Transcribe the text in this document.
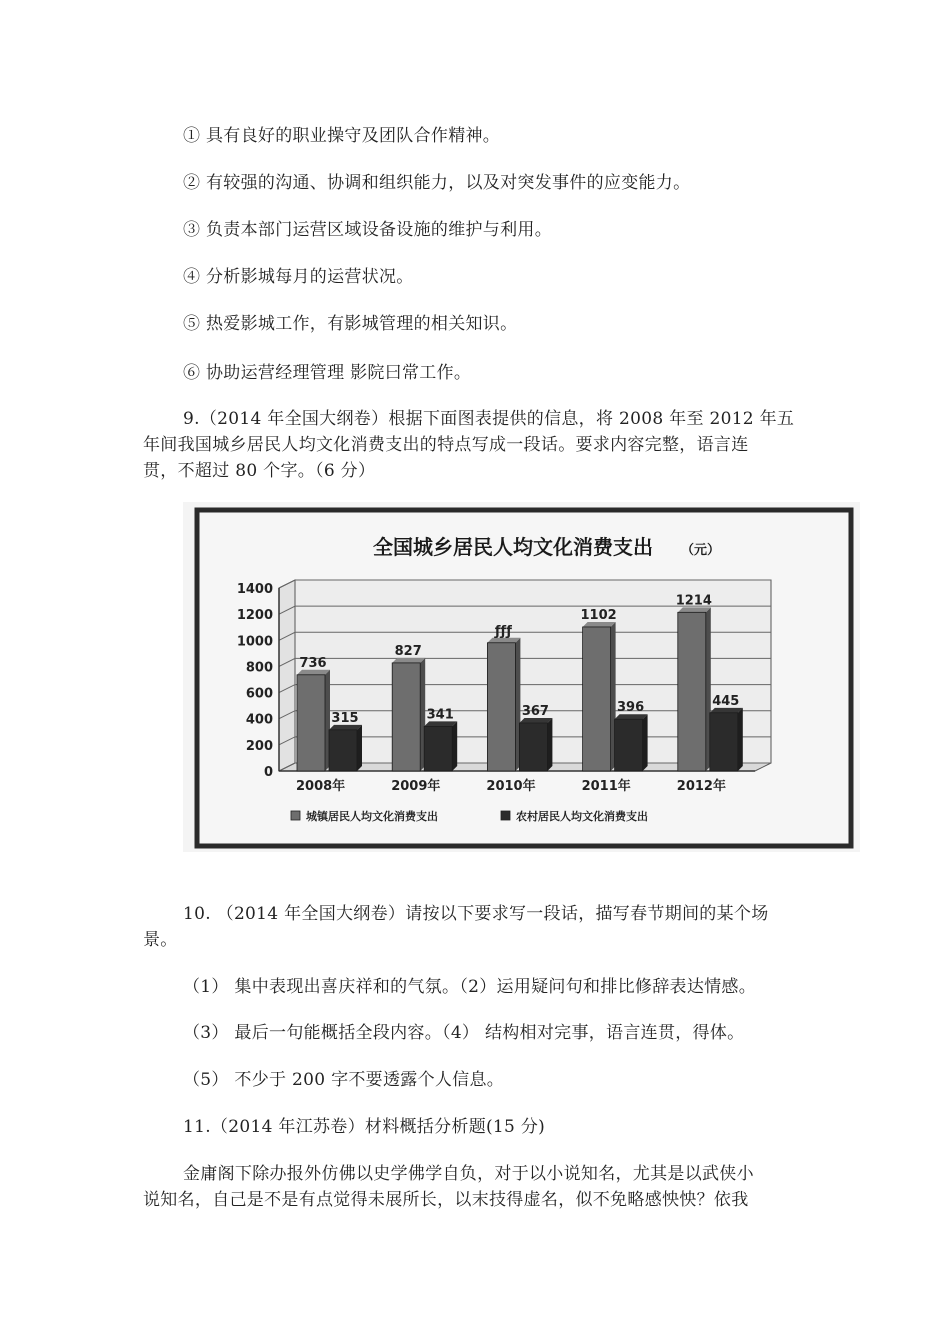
① 具有良好的职业操守及团队合作精神。
② 有较强的沟通、协调和组织能力，以及对突发事件的应变能力。
③ 负责本部门运营区域设备设施的维护与利用。
④ 分析影城每月的运营状况。
⑤ 热爱影城工作，有影城管理的相关知识。
⑥ 协助运营经理管理 影院曰常工作。
9.（2014 年全国大纲卷）根据下面图表提供的信息，将 2008 年至 2012 年五
年间我国城乡居民人均文化消费支出的特点写成一段话。要求内容完整，语言连
贯，不超过 80 个字。（6 分）
全国城乡居民人均文化消费支出 （元）
0
200
400
600
800
1000
1200
1400
736
315
2008年
827
341
2009年
ƒƒƒ
367
2010年
1102
396
2011年
1214
445
2012年
城镇居民人均文化消费支出	农村居民人均文化消费支出
10. （2014 年全国大纲卷）请按以下要求写一段话，描写春节期间的某个场
景。
（1） 集中表现出喜庆祥和的气氛。（2）运用疑问句和排比修辞表达情感。
（3） 最后一句能概括全段内容。（4） 结构相对完事，语言连贯，得体。
（5） 不少于 200 字不要透露个人信息。
11.（2014 年江苏卷）材料概括分析题(15 分)
金庸阁下除办报外仿佛以史学佛学自负，对于以小说知名，尤其是以武侠小
说知名，自己是不是有点觉得未展所长，以末技得虚名，似不免略感怏怏？依我
